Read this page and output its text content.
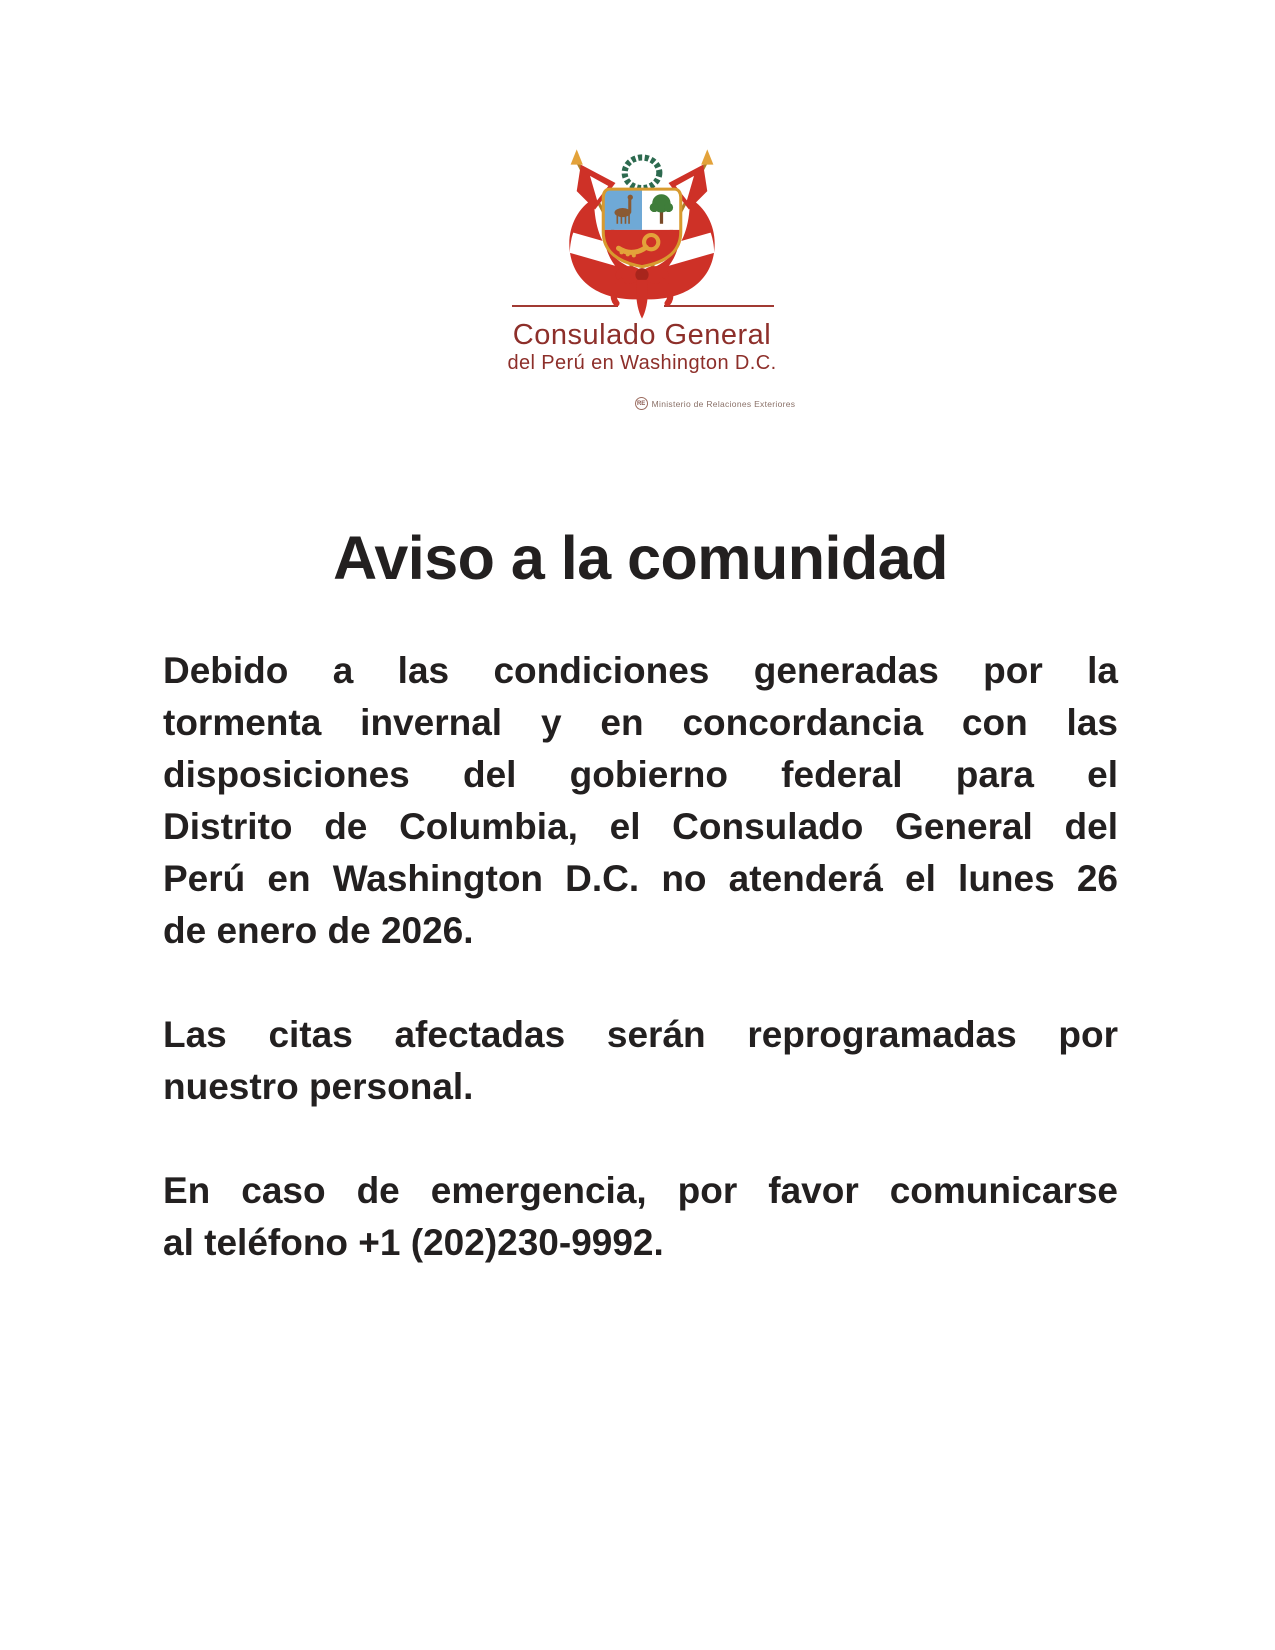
Consulado General
del Perú en Washington D.C.
RE Ministerio de Relaciones Exteriores
Aviso a la comunidad
Debido a las condiciones generadas por la
tormenta invernal y en concordancia con las
disposiciones del gobierno federal para el
Distrito de Columbia, el Consulado General del
Perú en Washington D.C. no atenderá el lunes 26
de enero de 2026.
Las citas afectadas serán reprogramadas por
nuestro personal.
En caso de emergencia, por favor comunicarse
al teléfono +1 (202)230-9992.
